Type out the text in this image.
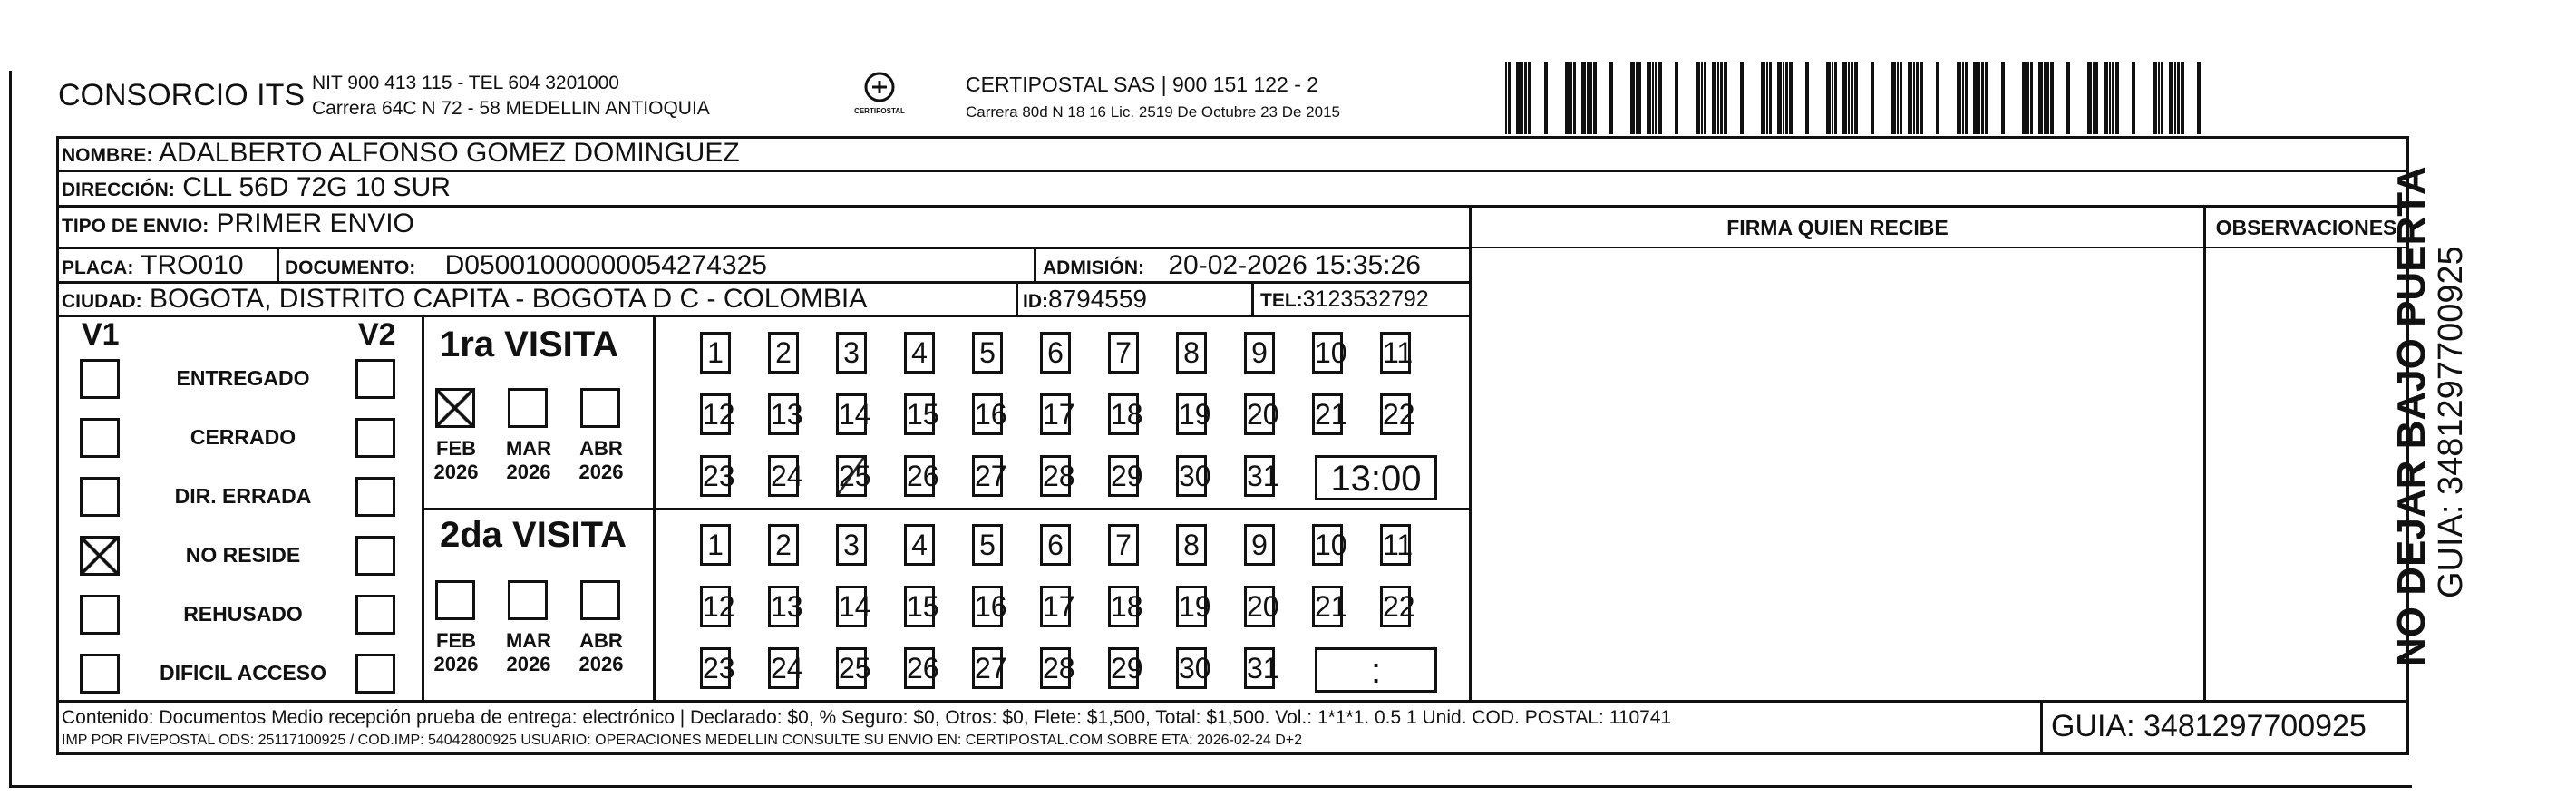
CONSORCIO ITS NIT 900 413 115 - TEL 604 3201000
Carrera 64C N 72 - 58 MEDELLIN ANTIOQUIA	CERTIPOSTAL
CERTIPOSTAL SAS | 900 151 122 - 2
Carrera 80d N 18 16 Lic. 2519 De Octubre 23 De 2015
NOMBRE: ADALBERTO ALFONSO GOMEZ DOMINGUEZ
DIRECCIÓN: CLL 56D 72G 10 SUR
TIPO DE ENVIO: PRIMER ENVIO
PLACA: TRO010 DOCUMENTO: D05001000000054274325	ADMISIÓN: 20-02-2026 15:35:26
CIUDAD: BOGOTA, DISTRITO CAPITA - BOGOTA D C - COLOMBIA	ID:8794559	TEL:3123532792
FIRMA QUIEN RECIBE	OBSERVACIONES
V1	V2
ENTREGADO
CERRADO
DIR. ERRADA
NO RESIDE
REHUSADO
DIFICIL ACCESO
1ra VISITA
2da VISITA
FEB
2026
MAR
2026
ABR
2026
FEB
2026
MAR
2026
ABR
2026
1 2 3 4 5 6 7 8 9 10 11
12 13 14 15 16 17 18 19 20 21 22
23 24 25 26 27 28 29 30 31	13:00
1 2 3 4 5 6 7 8 9 10 11
12 13 14 15 16 17 18 19 20 21 22
23 24 25 26 27 28 29 30 31	:
Contenido: Documentos Medio recepción prueba de entrega: electrónico | Declarado: $0, % Seguro: $0, Otros: $0, Flete: $1,500, Total: $1,500. Vol.: 1*1*1. 0.5 1 Unid. COD. POSTAL: 110741
IMP POR FIVEPOSTAL ODS: 25117100925 / COD.IMP: 54042800925 USUARIO: OPERACIONES MEDELLIN CONSULTE SU ENVIO EN: CERTIPOSTAL.COM SOBRE ETA: 2026-02-24 D+2	GUIA: 3481297700925
NO DEJAR BAJO PUERTA
GUIA: 3481297700925
